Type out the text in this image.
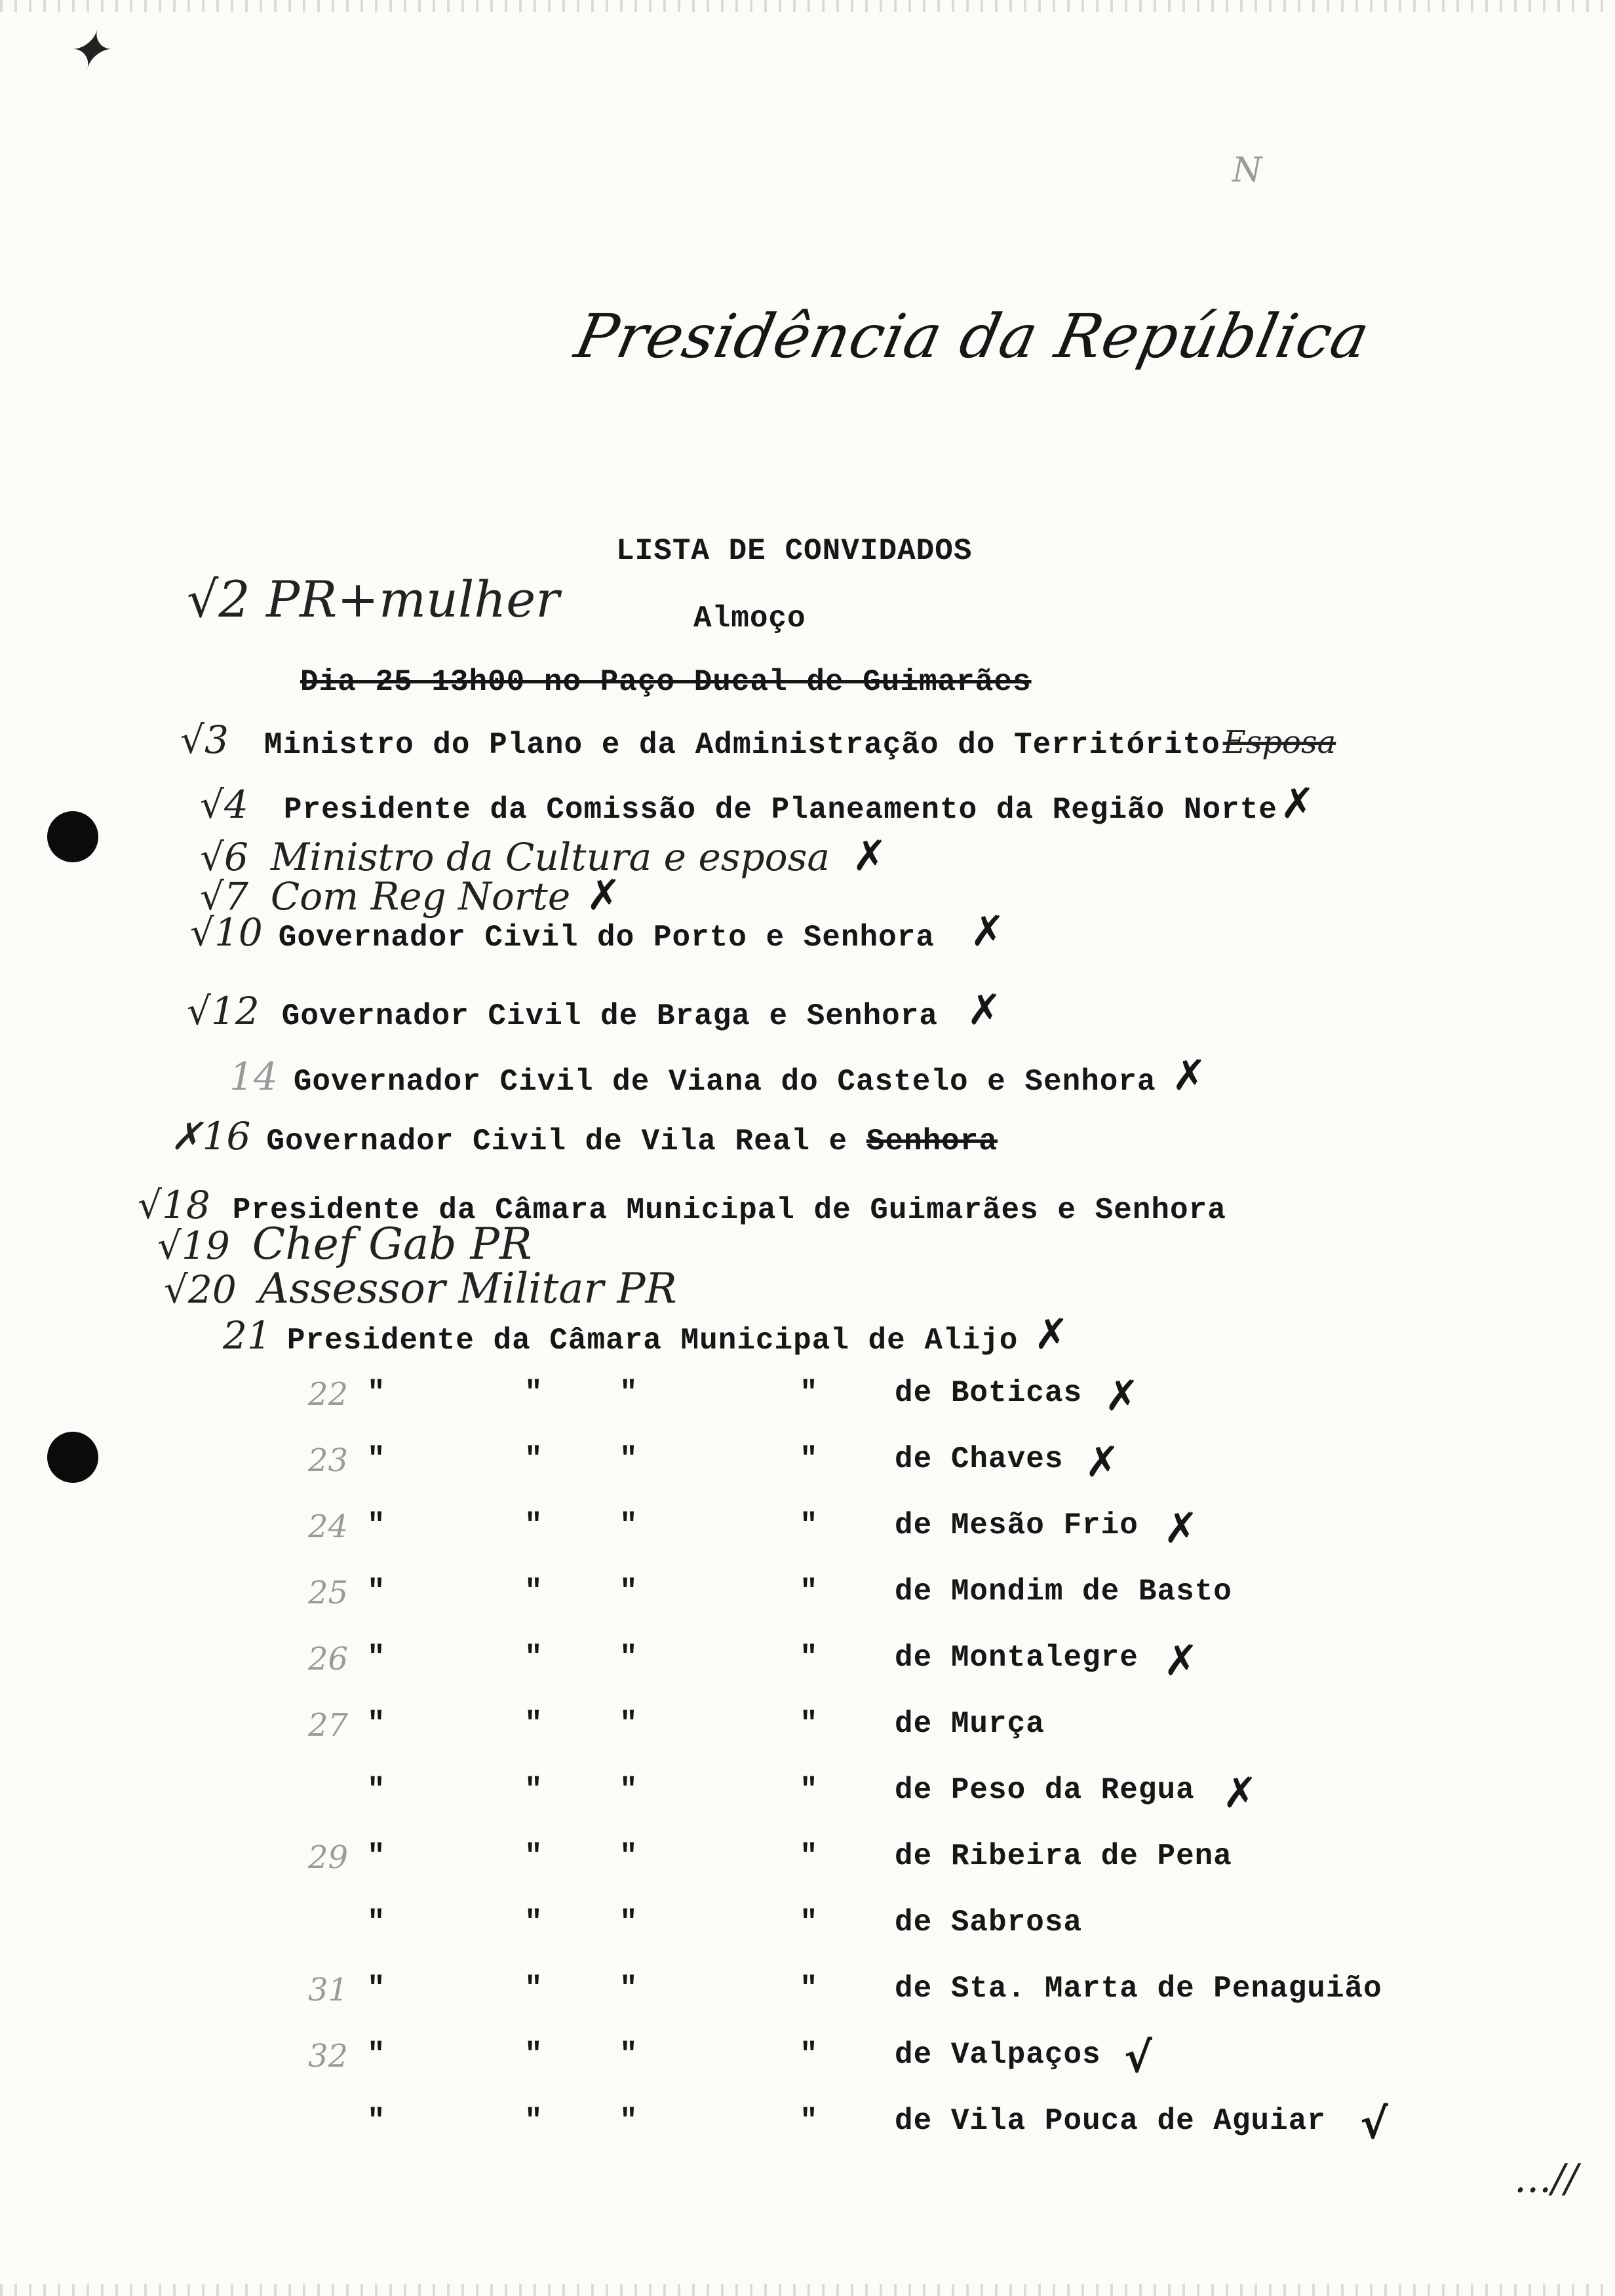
✦
N
Presidência da República
LISTA DE CONVIDADOS
Almoço
√2 PR+mulher
Dia 25 13h00 no Paço Ducal de Guimarães
√3 Ministro do Plano e da Administração do Territórito Esposa
√4 Presidente da Comissão de Planeamento da Região Norte ✗
√6 Ministro da Cultura e esposa ✗
√7 Com Reg Norte ✗
√10 Governador Civil do Porto e Senhora ✗
√12 Governador Civil de Braga e Senhora ✗
14 Governador Civil de Viana do Castelo e Senhora ✗
✗16 Governador Civil de Vila Real e Senhora
√18 Presidente da Câmara Municipal de Guimarães e Senhora
√19 Chef Gab PR
√20 Assessor Militar PR
21 Presidente da Câmara Municipal de Alijo ✗
22 "	"	"	"	de Boticas ✗
23 "	"	"	"	de Chaves ✗
24 "	"	"	"	de Mesão Frio ✗
25 "	"	"	"	de Mondim de Basto
26 "	"	"	"	de Montalegre ✗
27 "	"	"	"	de Murça
"	"	"	"	de Peso da Regua ✗
29 "	"	"	"	de Ribeira de Pena
"	"	"	"	de Sabrosa
31 "	"	"	"	de Sta. Marta de Penaguião
32 "	"	"	"	de Valpaços √
"	"	"	"	de Vila Pouca de Aguiar √
...//
